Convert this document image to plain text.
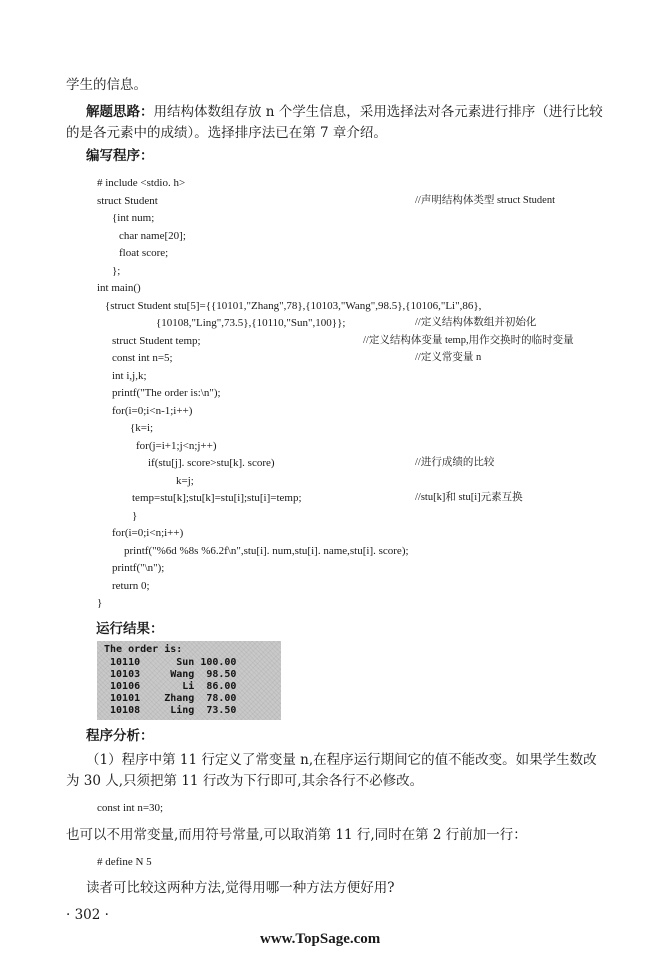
学生的信息。
解题思路：用结构体数组存放 n 个学生信息，采用选择法对各元素进行排序（进行比较
的是各元素中的成绩）。选择排序法已在第 7 章介绍。
编写程序：
# include <stdio. h>
struct Student
{int num;
char name[20];
float score;
};
int main()
{struct Student stu[5]={{10101,"Zhang",78},{10103,"Wang",98.5},{10106,"Li",86},
{10108,"Ling",73.5},{10110,"Sun",100}};
struct Student temp;
const int n=5;
int i,j,k;
printf("The order is:\n");
for(i=0;i<n-1;i++)
{k=i;
for(j=i+1;j<n;j++)
if(stu[j]. score>stu[k]. score)
k=j;
temp=stu[k];stu[k]=stu[i];stu[i]=temp;
}
for(i=0;i<n;i++)
printf("%6d %8s %6.2f\n",stu[i]. num,stu[i]. name,stu[i]. score);
printf("\n");
return 0;
}
//声明结构体类型 struct Student
//定义结构体数组并初始化
//定义结构体变量 temp,用作交换时的临时变量
//定义常变量 n
//进行成绩的比较
//stu[k]和 stu[i]元素互换
运行结果：
The order is:
10110      Sun 100.00
10103     Wang  98.50
10106       Li  86.00
10101    Zhang  78.00
10108     Ling  73.50
程序分析：
（1）程序中第 11 行定义了常变量 n,在程序运行期间它的值不能改变。如果学生数改
为 30 人,只须把第 11 行改为下行即可,其余各行不必修改。
const int n=30;
也可以不用常变量,而用符号常量,可以取消第 11 行,同时在第 2 行前加一行：
# define N 5
读者可比较这两种方法,觉得用哪一种方法方便好用?
· 302 ·
www.TopSage.com
